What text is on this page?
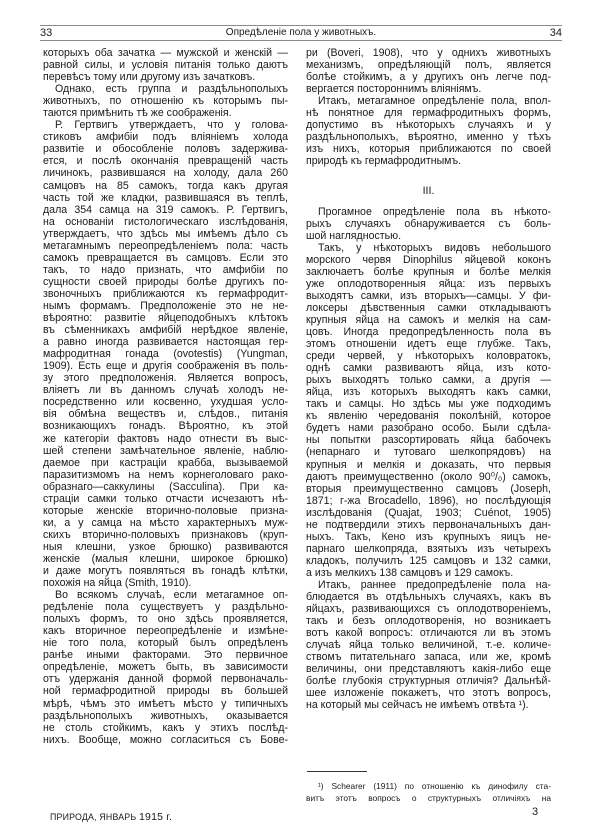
33	Опредѣленіе пола у животныхъ.	34
которыхъ оба зачатка — мужской и женскій —
равной силы, и условія питанія только даютъ
перевѣсъ тому или другому изъ зачатковъ.
Однако, есть группа и раздѣльнополыхъ
животныхъ, по отношенію къ которымъ пы-
таются примѣнить тѣ же соображенія.
Р. Гертвигъ утверждаетъ, что у голова-
стиковъ амфибіи подъ вліяніемъ холода
развитіе и обособленіе половъ задержива-
ется, и послѣ окончанія превращеній часть
личинокъ, развившаяся на холоду, дала 260
самцовъ на 85 самокъ, тогда какъ другая
часть той же кладки, развившаяся въ теплѣ,
дала 354 самца на 319 самокъ. Р. Гертвигъ,
на основаніи гистологическаго изслѣдованія,
утверждаетъ, что здѣсь мы имѣемъ дѣло съ
метагамнымъ переопредѣленіемъ пола: часть
самокъ превращается въ самцовъ. Если это
такъ, то надо признать, что амфибіи по
сущности своей природы болѣе другихъ по-
звоночныхъ приближаются къ гермафродит-
нымъ формамъ. Предположеніе это не не-
вѣроятно: развитіе яйцеподобныхъ клѣтокъ
въ сѣменникахъ амфибій нерѣдкое явленіе,
а равно иногда развивается настоящая гер-
мафродитная гонада (ovotestis) (Yungman,
1909). Есть еще и другія соображенія въ поль-
зу этого предположенія. Является вопросъ,
вліяетъ ли въ данномъ случаѣ холодъ не-
посредственно или косвенно, ухудшая усло-
вія обмѣна веществъ и, слѣдов., питанія
возникающихъ гонадъ. Вѣроятно, къ этой
же категоріи фактовъ надо отнести въ выс-
шей степени замѣчательное явленіе, наблю-
даемое при кастраціи крабба, вызываемой
паразитизмомъ на немъ корнеголоваго рако-
образнаго—саккулины (Sacculina). При ка-
страціи самки только отчасти исчезаютъ нѣ-
которые женскіе вторично-половые призна-
ки, а у самца на мѣсто характерныхъ муж-
скихъ вторично-половыхъ признаковъ (круп-
ныя клешни, узкое брюшко) развиваются
женскіе (малыя клешни, широкое брюшко)
и даже могутъ появляться въ гонадѣ клѣтки,
похожія на яйца (Smith, 1910).
Во всякомъ случаѣ, если метагамное оп-
редѣленіе пола существуетъ у раздѣльно-
полыхъ формъ, то оно здѣсь проявляется,
какъ вторичное переопредѣленіе и измѣне-
ніе того пола, который былъ опредѣленъ
ранѣе иными факторами. Это первичное
опредѣленіе, можетъ быть, въ зависимости
отъ удержанія данной формой первоначаль-
ной гермафродитной природы въ большей
мѣрѣ, чѣмъ это имѣетъ мѣсто у типичныхъ
раздѣльнополыхъ животныхъ, оказывается
не столь стойкимъ, какъ у этихъ послѣд-
нихъ. Вообще, можно согласиться съ Бове-
ри (Boveri, 1908), что у однихъ животныхъ
механизмъ, опредѣляющій полъ, является
болѣе стойкимъ, а у другихъ онъ легче под-
вергается постороннимъ вліяніямъ.
Итакъ, метагамное опредѣленіе пола, впол-
нѣ понятное для гермафродитныхъ формъ,
допустимо въ нѣкоторыхъ случаяхъ и у
раздѣльнополыхъ, вѣроятно, именно у тѣхъ
изъ нихъ, которыя приближаются по своей
природѣ къ гермафродитнымъ.
III.
Прогамное опредѣленіе пола въ нѣкото-
рыхъ случаяхъ обнаруживается съ боль-
шой наглядностью.
Такъ, у нѣкоторыхъ видовъ небольшого
морского червя Dinophilus яйцевой коконъ
заключаетъ болѣе крупныя и болѣе мелкія
уже оплодотворенныя яйца: изъ первыхъ
выходятъ самки, изъ вторыхъ—самцы. У фи-
локсеры дѣвственныя самки откладываютъ
крупныя яйца на самокъ и мелкія на сам-
цовъ. Иногда предопредѣленность пола въ
этомъ отношеніи идетъ еще глубже. Такъ,
среди червей, у нѣкоторыхъ коловратокъ,
однѣ самки развиваютъ яйца, изъ кото-
рыхъ выходятъ только самки, а другія —
яйца, изъ которыхъ выходятъ какъ самки,
такъ и самцы. Но здѣсь мы уже подходимъ
къ явленію чередованія поколѣній, которое
будетъ нами разобрано особо. Были сдѣла-
ны попытки разсортировать яйца бабочекъ
(непарнаго и тутоваго шелкопрядовъ) на
крупныя и мелкія и доказать, что первыя
даютъ преимущественно (около 90⁰/₀) самокъ,
вторыя преимущественно самцовъ (Joseph,
1871; г-жа Brocadello, 1896), но послѣдующія
изслѣдованія (Quajat, 1903; Cuénot, 1905)
не подтвердили этихъ первоначальныхъ дан-
ныхъ. Такъ, Кено изъ крупныхъ яицъ не-
парнаго шелкопряда, взятыхъ изъ четырехъ
кладокъ, получилъ 125 самцовъ и 132 самки,
а изъ мелкихъ 138 самцовъ и 129 самокъ.
Итакъ, раннее предопредѣленіе пола на-
блюдается въ отдѣльныхъ случаяхъ, какъ въ
яйцахъ, развивающихся съ оплодотвореніемъ,
такъ и безъ оплодотворенія, но возникаетъ
вотъ какой вопросъ: отличаются ли въ этомъ
случаѣ яйца только величиной, т.-е. количе-
ствомъ питательнаго запаса, или же, кромѣ
величины, они представляютъ какія-либо еще
болѣе глубокія структурныя отличія? Дальнѣй-
шее изложеніе покажетъ, что этотъ вопросъ,
на который мы сейчасъ не имѣемъ отвѣта ¹).
¹) Schearer (1911) по отношенію къ динофилу ста-
витъ этотъ вопросъ о структурныхъ отличіяхъ на
ПРИРОДА, ЯНВАРЬ 1915 г.	3
